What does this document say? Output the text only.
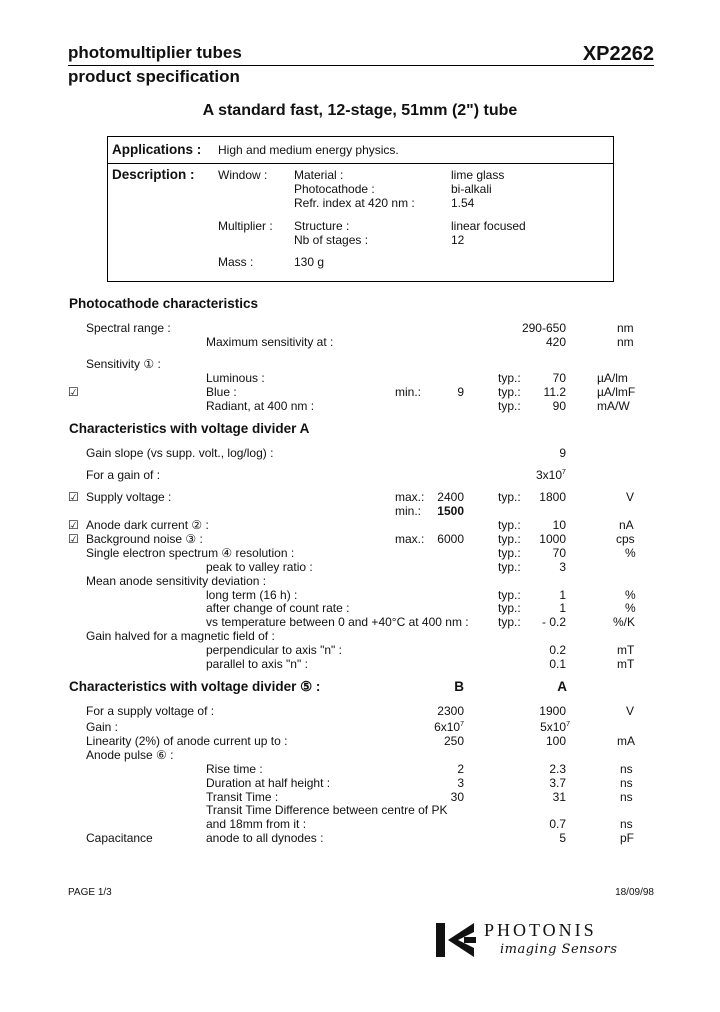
photomultiplier tubes	XP2262
product specification
A standard fast, 12-stage, 51mm (2") tube
Applications : High and medium energy physics.
Description : Window : Material :	lime glass
Photocathode :	bi-alkali
Refr. index at 420 nm :	1.54
Multiplier : Structure :	linear focused
Nb of stages :	12
Mass :	130 g
Photocathode characteristics
Spectral range :	290-650	nm
Maximum sensitivity at :	420	nm
Sensitivity ① :
Luminous :	typ.:	70	µA/lm
☑	Blue :	min.:	9	typ.: 11.2	µA/lmF
Radiant, at 400 nm :	typ.:	90	mA/W
Characteristics with voltage divider A
Gain slope (vs supp. volt., log/log) :	9
For a gain of :	$3x10^7$
☑ Supply voltage :	max.: 2400	typ.: 1800	V
min.: 1500
☑ Anode dark current ② :	typ.:	10	nA
☑ Background noise ③ :	max.: 6000	typ.: 1000	cps
Single electron spectrum ④ resolution :	typ.:	70	%
peak to valley ratio :	typ.:	3
Mean anode sensitivity deviation :
long term (16 h) :	typ.:	1	%
after change of count rate :	typ.:	1	%
vs temperature between 0 and +40°C at 400 nm : typ.: - 0.2	%/K
Gain halved for a magnetic field of :
perpendicular to axis "n" :	0.2	mT
parallel to axis "n" :	0.1	mT
Characteristics with voltage divider ⑤ :	B	A
For a supply voltage of :	2300	1900	V
Gain :	$6x10^7$	$5x10^7$
Linearity (2%) of anode current up to :	250	100	mA
Anode pulse ⑥ :
Rise time :	2	2.3	ns
Duration at half height :	3	3.7	ns
Transit Time :	30	31	ns
Transit Time Difference between centre of PK
and 18mm from it :	0.7	ns
Capacitance	anode to all dynodes :	5	pF
PAGE 1/3	18/09/98
PHOTONIS
imaging Sensors
